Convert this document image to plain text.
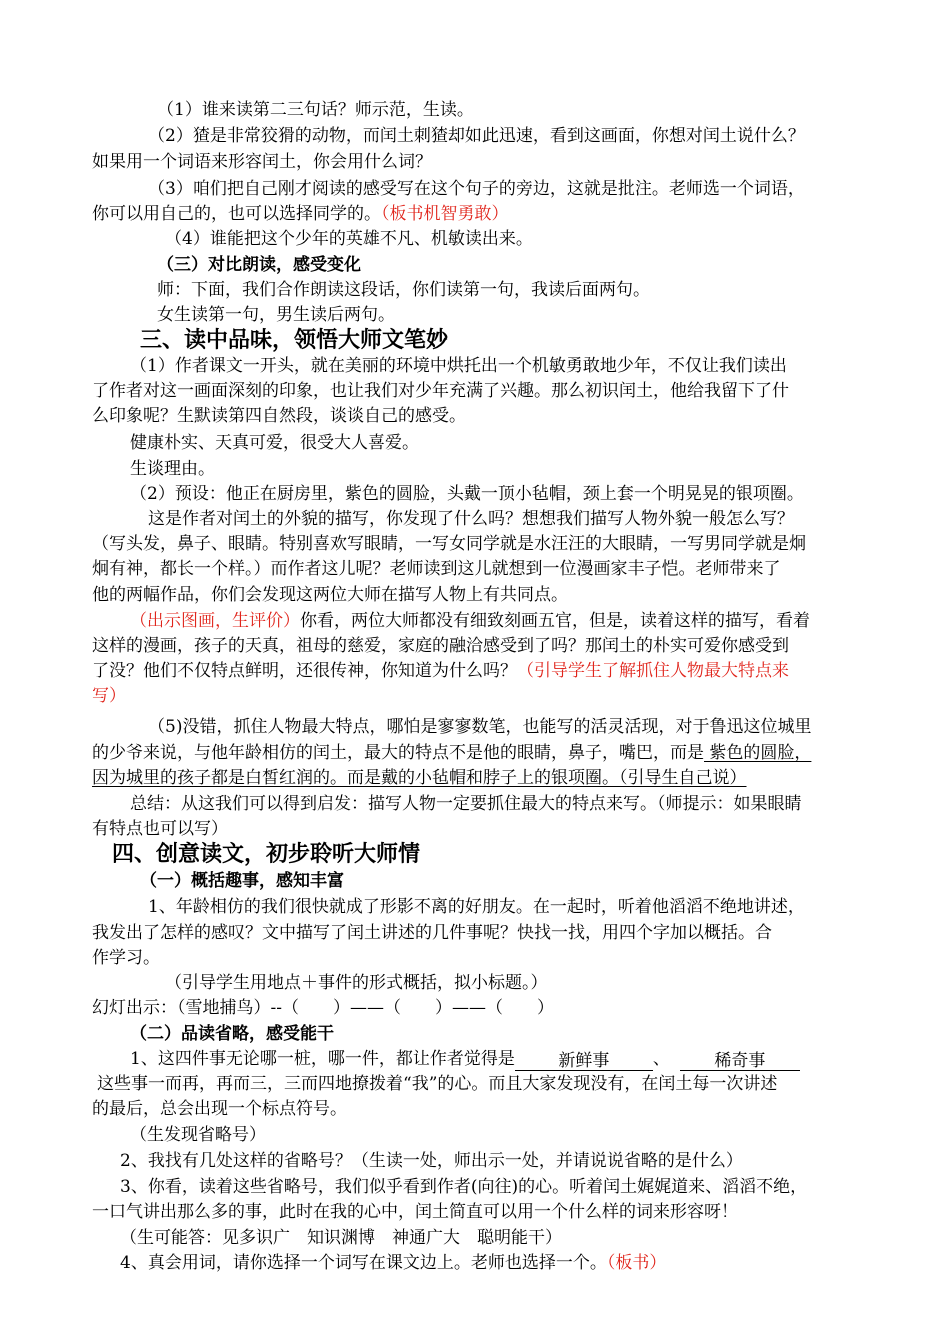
（1）谁来读第二三句话？师示范，生读。
（2）猹是非常狡猾的动物，而闰土刺猹却如此迅速，看到这画面，你想对闰土说什么？
如果用一个词语来形容闰土，你会用什么词？
（3）咱们把自己刚才阅读的感受写在这个句子的旁边，这就是批注。老师选一个词语，
你可以用自己的，也可以选择同学的。（板书机智勇敢）
（4）谁能把这个少年的英雄不凡、机敏读出来。
（三）对比朗读，感受变化
师：下面，我们合作朗读这段话，你们读第一句，我读后面两句。
女生读第一句，男生读后两句。
三、读中品味，领悟大师文笔妙
（1）作者课文一开头，就在美丽的环境中烘托出一个机敏勇敢地少年，不仅让我们读出
了作者对这一画面深刻的印象，也让我们对少年充满了兴趣。那么初识闰土，他给我留下了什
么印象呢？生默读第四自然段，谈谈自己的感受。
健康朴实、天真可爱，很受大人喜爱。
生谈理由。
（2）预设：他正在厨房里，紫色的圆脸，头戴一顶小毡帽，颈上套一个明晃晃的银项圈。
这是作者对闰土的外貌的描写，你发现了什么吗？想想我们描写人物外貌一般怎么写？
（写头发，鼻子、眼睛。特别喜欢写眼睛，一写女同学就是水汪汪的大眼睛，一写男同学就是炯
炯有神，都长一个样。）而作者这儿呢？老师读到这儿就想到一位漫画家丰子恺。老师带来了
他的两幅作品，你们会发现这两位大师在描写人物上有共同点。
（出示图画，生评价）你看，两位大师都没有细致刻画五官，但是，读着这样的描写，看着
这样的漫画，孩子的天真，祖母的慈爱，家庭的融洽感受到了吗？那闰土的朴实可爱你感受到
了没？他们不仅特点鲜明，还很传神，你知道为什么吗？（引导学生了解抓住人物最大特点来
写）
（5)没错，抓住人物最大特点，哪怕是寥寥数笔，也能写的活灵活现，对于鲁迅这位城里
的少爷来说，与他年龄相仿的闰土，最大的特点不是他的眼睛，鼻子，嘴巴，而是 紫色的圆脸，
因为城里的孩子都是白皙红润的。而是戴的小毡帽和脖子上的银项圈。（引导生自己说）
总结：从这我们可以得到启发：描写人物一定要抓住最大的特点来写。（师提示：如果眼睛
有特点也可以写）
四、创意读文，初步聆听大师情
（一）概括趣事，感知丰富
1、年龄相仿的我们很快就成了形影不离的好朋友。在一起时，听着他滔滔不绝地讲述，
我发出了怎样的感叹？文中描写了闰土讲述的几件事呢？快找一找，用四个字加以概括。合
作学习。
（引导学生用地点＋事件的形式概括，拟小标题。）
幻灯出示：（雪地捕鸟）--（　　）——（　　）——（　　）
（二）品读省略，感受能干
1、这四件事无论哪一桩，哪一件，都让作者觉得是	新鲜事	、	稀奇事
这些事一而再，再而三，三而四地撩拨着“我”的心。而且大家发现没有，在闰土每一次讲述
的最后，总会出现一个标点符号。
（生发现省略号）
2、我找有几处这样的省略号？（生读一处，师出示一处，并请说说省略的是什么）
3、你看，读着这些省略号，我们似乎看到作者(向往)的心。听着闰土娓娓道来、滔滔不绝，
一口气讲出那么多的事，此时在我的心中，闰土简直可以用一个什么样的词来形容呀！
（生可能答：见多识广　知识渊博　神通广大　聪明能干）
4、真会用词，请你选择一个词写在课文边上。老师也选择一个。（板书）
